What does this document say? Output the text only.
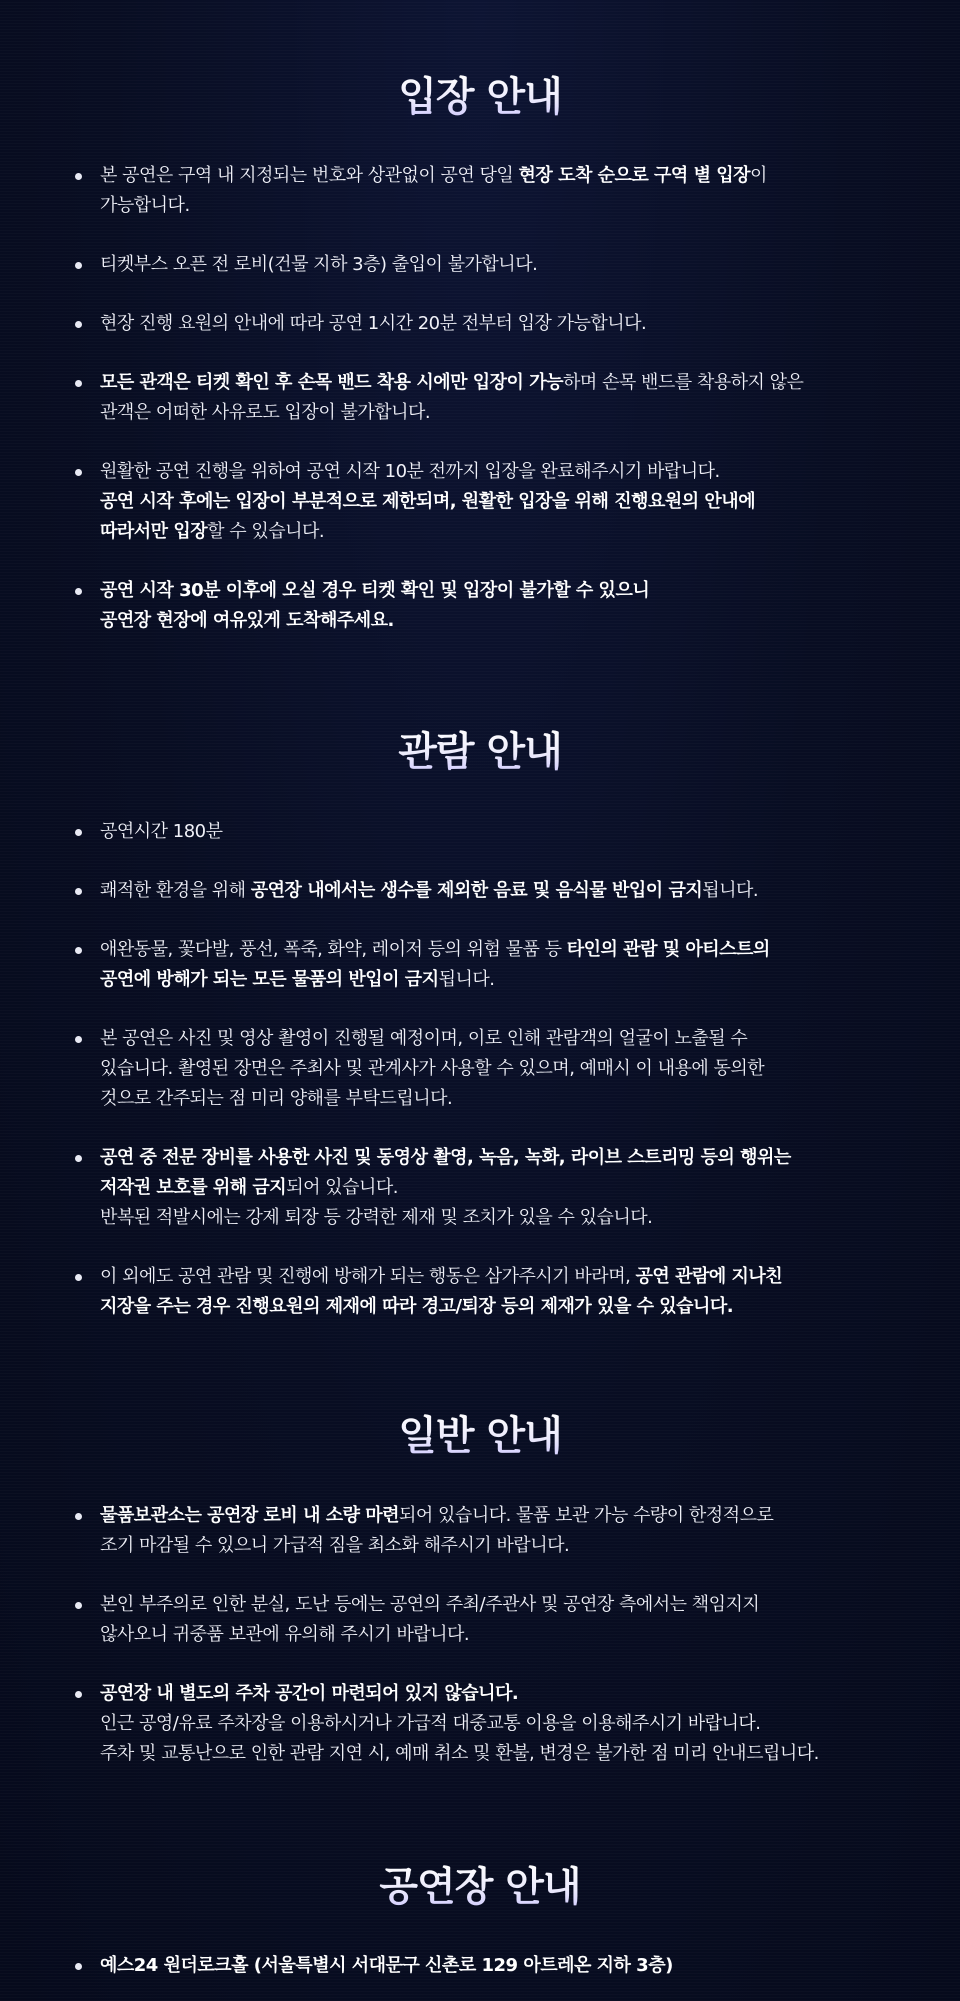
입장 안내
본 공연은 구역 내 지정되는 번호와 상관없이 공연 당일 현장 도착 순으로 구역 별 입장이
가능합니다.
티켓부스 오픈 전 로비(건물 지하 3층) 출입이 불가합니다.
현장 진행 요원의 안내에 따라 공연 1시간 20분 전부터 입장 가능합니다.
모든 관객은 티켓 확인 후 손목 밴드 착용 시에만 입장이 가능하며 손목 밴드를 착용하지 않은
관객은 어떠한 사유로도 입장이 불가합니다.
원활한 공연 진행을 위하여 공연 시작 10분 전까지 입장을 완료해주시기 바랍니다.
공연 시작 후에는 입장이 부분적으로 제한되며, 원활한 입장을 위해 진행요원의 안내에
따라서만 입장할 수 있습니다.
공연 시작 30분 이후에 오실 경우 티켓 확인 및 입장이 불가할 수 있으니
공연장 현장에 여유있게 도착해주세요.
관람 안내
공연시간 180분
쾌적한 환경을 위해 공연장 내에서는 생수를 제외한 음료 및 음식물 반입이 금지됩니다.
애완동물, 꽃다발, 풍선, 폭죽, 화약, 레이저 등의 위험 물품 등 타인의 관람 및 아티스트의
공연에 방해가 되는 모든 물품의 반입이 금지됩니다.
본 공연은 사진 및 영상 촬영이 진행될 예정이며, 이로 인해 관람객의 얼굴이 노출될 수
있습니다. 촬영된 장면은 주최사 및 관계사가 사용할 수 있으며, 예매시 이 내용에 동의한
것으로 간주되는 점 미리 양해를 부탁드립니다.
공연 중 전문 장비를 사용한 사진 및 동영상 촬영, 녹음, 녹화, 라이브 스트리밍 등의 행위는
저작권 보호를 위해 금지되어 있습니다.
반복된 적발시에는 강제 퇴장 등 강력한 제재 및 조치가 있을 수 있습니다.
이 외에도 공연 관람 및 진행에 방해가 되는 행동은 삼가주시기 바라며, 공연 관람에 지나친
지장을 주는 경우 진행요원의 제재에 따라 경고/퇴장 등의 제재가 있을 수 있습니다.
일반 안내
물품보관소는 공연장 로비 내 소량 마련되어 있습니다. 물품 보관 가능 수량이 한정적으로
조기 마감될 수 있으니 가급적 짐을 최소화 해주시기 바랍니다.
본인 부주의로 인한 분실, 도난 등에는 공연의 주최/주관사 및 공연장 측에서는 책임지지
않사오니 귀중품 보관에 유의해 주시기 바랍니다.
공연장 내 별도의 주차 공간이 마련되어 있지 않습니다.
인근 공영/유료 주차장을 이용하시거나 가급적 대중교통 이용을 이용해주시기 바랍니다.
주차 및 교통난으로 인한 관람 지연 시, 예매 취소 및 환불, 변경은 불가한 점 미리 안내드립니다.
공연장 안내
예스24 원더로크홀 (서울특별시 서대문구 신촌로 129 아트레온 지하 3층)
